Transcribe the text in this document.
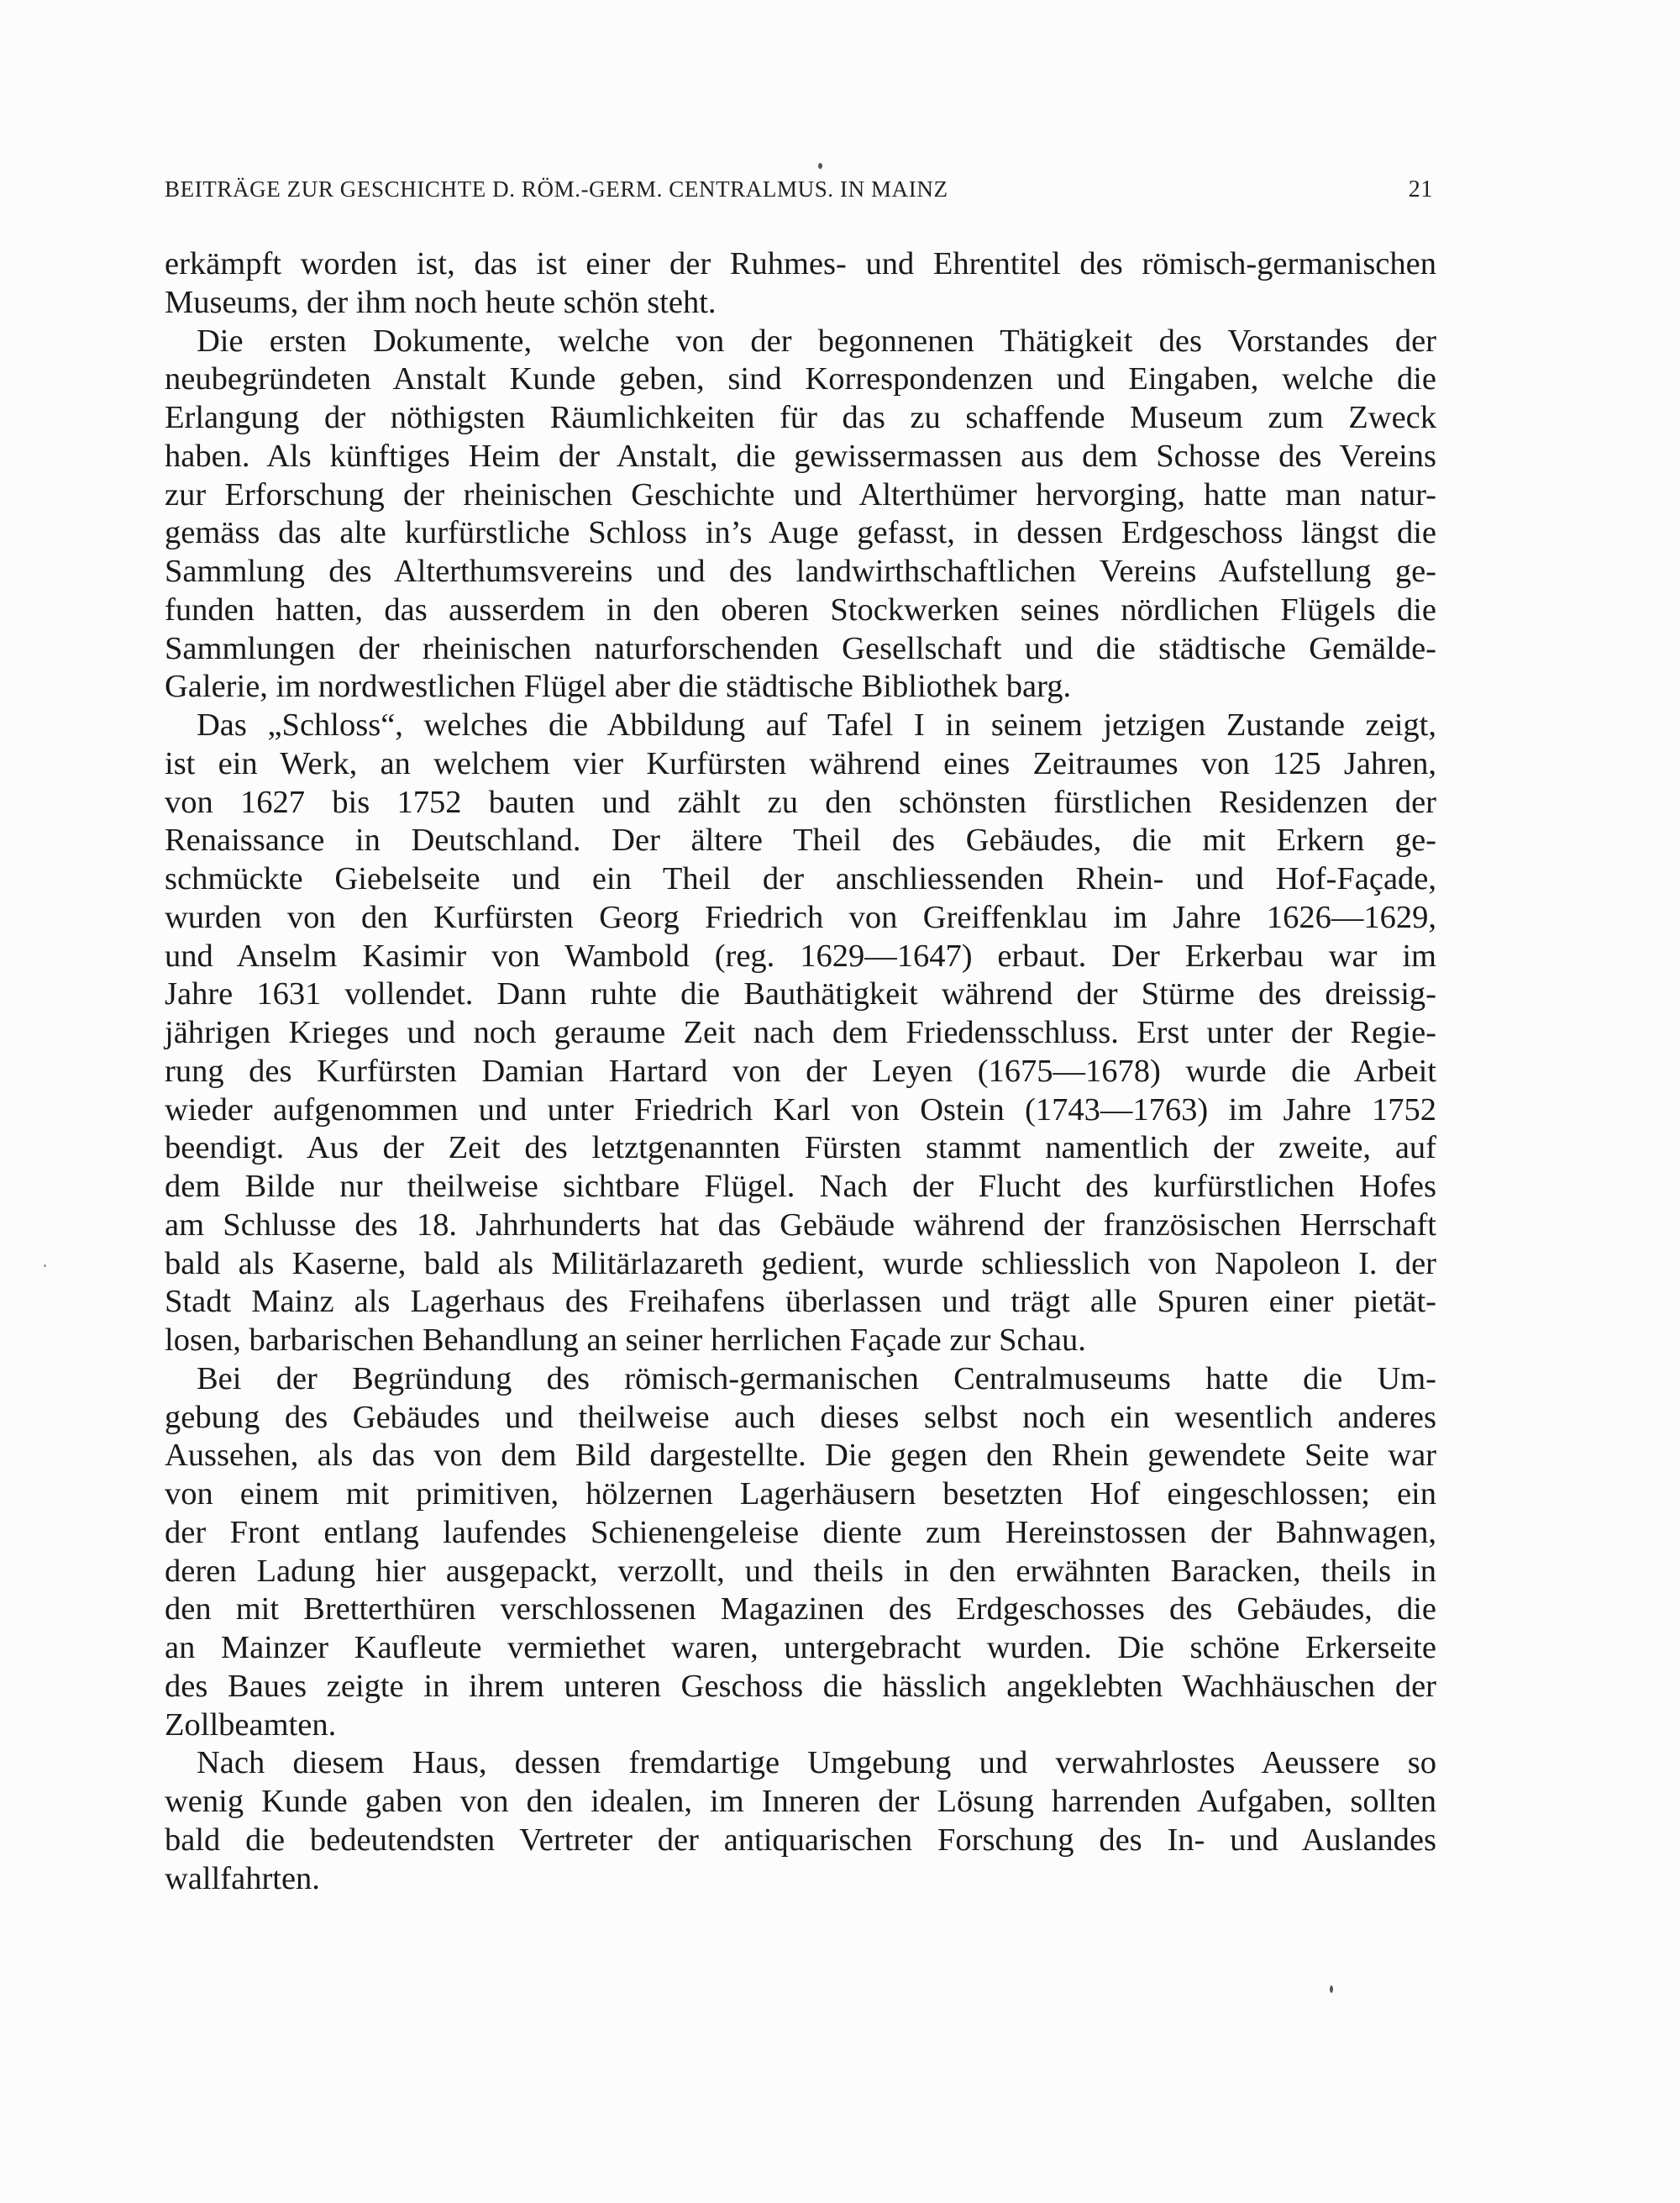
BEITRÄGE ZUR GESCHICHTE D. RÖM.-GERM. CENTRALMUS. IN MAINZ	21
erkämpft worden ist, das ist einer der Ruhmes- und Ehrentitel des römisch-germanischen
Museums, der ihm noch heute schön steht.
Die ersten Dokumente, welche von der begonnenen Thätigkeit des Vorstandes der
neubegründeten Anstalt Kunde geben, sind Korrespondenzen und Eingaben, welche die
Erlangung der nöthigsten Räumlichkeiten für das zu schaffende Museum zum Zweck
haben. Als künftiges Heim der Anstalt, die gewissermassen aus dem Schosse des Vereins
zur Erforschung der rheinischen Geschichte und Alterthümer hervorging, hatte man natur-
gemäss das alte kurfürstliche Schloss in’s Auge gefasst, in dessen Erdgeschoss längst die
Sammlung des Alterthumsvereins und des landwirthschaftlichen Vereins Aufstellung ge-
funden hatten, das ausserdem in den oberen Stockwerken seines nördlichen Flügels die
Sammlungen der rheinischen naturforschenden Gesellschaft und die städtische Gemälde-
Galerie, im nordwestlichen Flügel aber die städtische Bibliothek barg.
Das „Schloss“, welches die Abbildung auf Tafel I in seinem jetzigen Zustande zeigt,
ist ein Werk, an welchem vier Kurfürsten während eines Zeitraumes von 125 Jahren,
von 1627 bis 1752 bauten und zählt zu den schönsten fürstlichen Residenzen der
Renaissance in Deutschland. Der ältere Theil des Gebäudes, die mit Erkern ge-
schmückte Giebelseite und ein Theil der anschliessenden Rhein- und Hof-Façade,
wurden von den Kurfürsten Georg Friedrich von Greiffenklau im Jahre 1626—1629,
und Anselm Kasimir von Wambold (reg. 1629—1647) erbaut. Der Erkerbau war im
Jahre 1631 vollendet. Dann ruhte die Bauthätigkeit während der Stürme des dreissig-
jährigen Krieges und noch geraume Zeit nach dem Friedensschluss. Erst unter der Regie-
rung des Kurfürsten Damian Hartard von der Leyen (1675—1678) wurde die Arbeit
wieder aufgenommen und unter Friedrich Karl von Ostein (1743—1763) im Jahre 1752
beendigt. Aus der Zeit des letztgenannten Fürsten stammt namentlich der zweite, auf
dem Bilde nur theilweise sichtbare Flügel. Nach der Flucht des kurfürstlichen Hofes
am Schlusse des 18. Jahrhunderts hat das Gebäude während der französischen Herrschaft
bald als Kaserne, bald als Militärlazareth gedient, wurde schliesslich von Napoleon I. der
Stadt Mainz als Lagerhaus des Freihafens überlassen und trägt alle Spuren einer pietät-
losen, barbarischen Behandlung an seiner herrlichen Façade zur Schau.
Bei der Begründung des römisch-germanischen Centralmuseums hatte die Um-
gebung des Gebäudes und theilweise auch dieses selbst noch ein wesentlich anderes
Aussehen, als das von dem Bild dargestellte. Die gegen den Rhein gewendete Seite war
von einem mit primitiven, hölzernen Lagerhäusern besetzten Hof eingeschlossen; ein
der Front entlang laufendes Schienengeleise diente zum Hereinstossen der Bahnwagen,
deren Ladung hier ausgepackt, verzollt, und theils in den erwähnten Baracken, theils in
den mit Bretterthüren verschlossenen Magazinen des Erdgeschosses des Gebäudes, die
an Mainzer Kaufleute vermiethet waren, untergebracht wurden. Die schöne Erkerseite
des Baues zeigte in ihrem unteren Geschoss die hässlich angeklebten Wachhäuschen der
Zollbeamten.
Nach diesem Haus, dessen fremdartige Umgebung und verwahrlostes Aeussere so
wenig Kunde gaben von den idealen, im Inneren der Lösung harrenden Aufgaben, sollten
bald die bedeutendsten Vertreter der antiquarischen Forschung des In- und Auslandes
wallfahrten.
